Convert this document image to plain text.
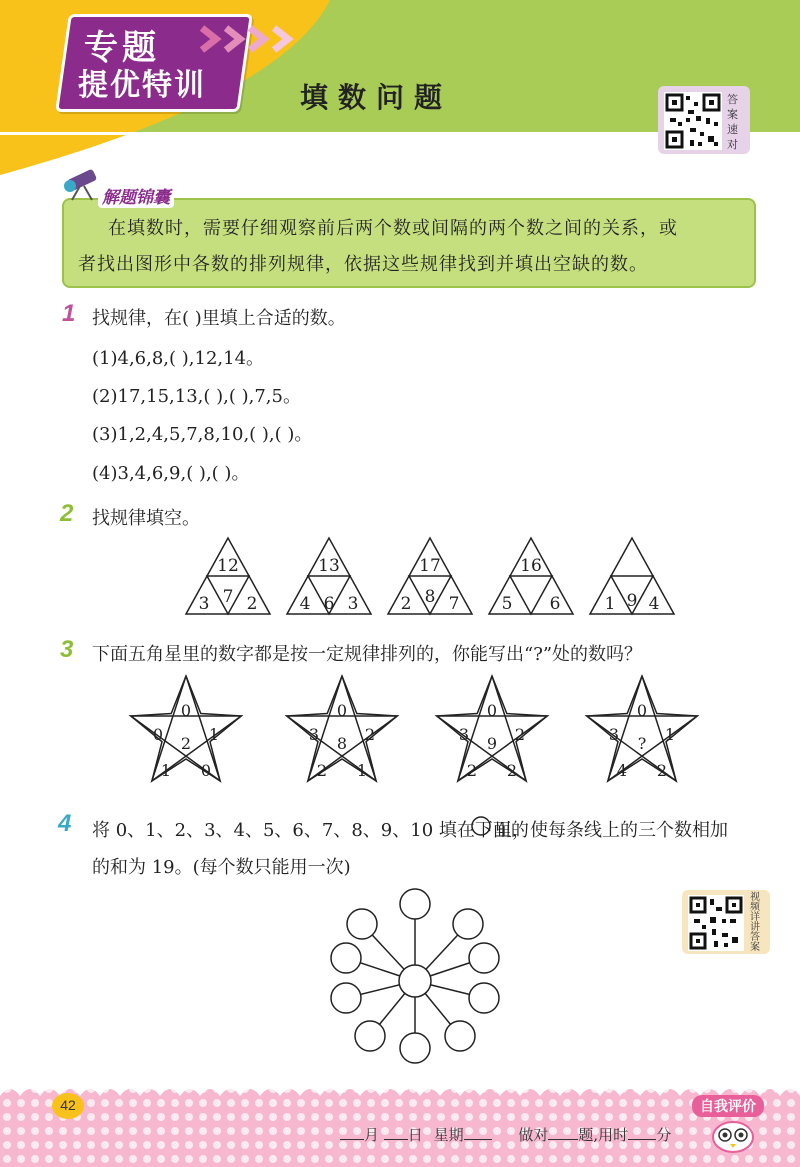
专题
提优特训	填数问题	答案速对
解题锦囊
在填数时，需要仔细观察前后两个数或间隔的两个数之间的关系，或
者找出图形中各数的排列规律，依据这些规律找到并填出空缺的数。
1 找规律，在( )里填上合适的数。
(1)4,6,8,( ),12,14。
(2)17,15,13,( ),( ),7,5。
(3)1,2,4,5,7,8,10,( ),( )。
(4)3,4,6,9,( ),( )。
2 找规律填空。
12
7
3 2
13
6
4 3
17
8
2 7
16
5 6	9
1 4
3 下面五角星里的数字都是按一定规律排列的，你能写出“?”处的数吗？
0
0	1
2
1 0
0
3	2
8
2 1
0
3	2
9
2 2
0
3	1
?
4 2
4 将 0、1、2、3、4、5、6、7、8、9、10 填在下面的
里，使每条线上的三个数相加
的和为 19。(每个数只能用一次)
视频详讲答案
42	自我评价
月 日 星期	做对 题,用时 分
